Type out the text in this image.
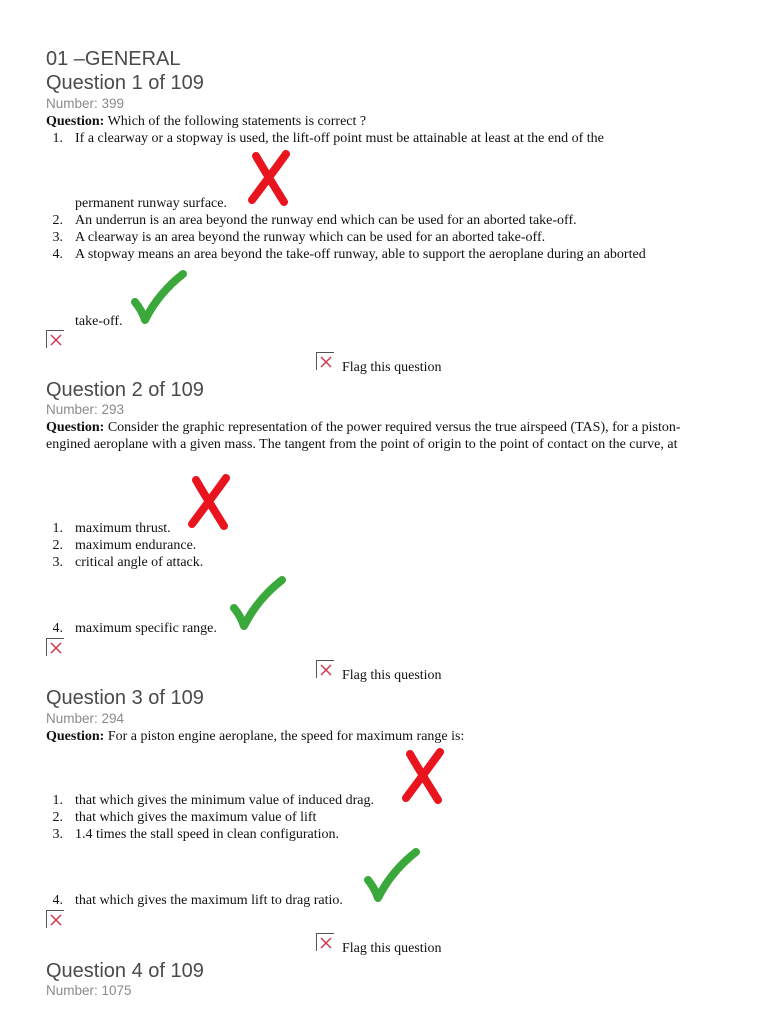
01 –GENERAL
Question 1 of 109
Number: 399
Question: Which of the following statements is correct ?
1. If a clearway or a stopway is used, the lift-off point must be attainable at least at the end of the
permanent runway surface.
2. An underrun is an area beyond the runway end which can be used for an aborted take-off.
3. A clearway is an area beyond the runway which can be used for an aborted take-off.
4. A stopway means an area beyond the take-off runway, able to support the aeroplane during an aborted
take-off.
Flag this question
Question 2 of 109
Number: 293
Question: Consider the graphic representation of the power required versus the true airspeed (TAS), for a piston-engined aeroplane with a given mass. The tangent from the point of origin to the point of contact on the curve, at
1. maximum thrust.
2. maximum endurance.
3. critical angle of attack.
4. maximum specific range.
Flag this question
Question 3 of 109
Number: 294
Question: For a piston engine aeroplane, the speed for maximum range is:
1. that which gives the minimum value of induced drag.
2. that which gives the maximum value of lift
3. 1.4 times the stall speed in clean configuration.
4. that which gives the maximum lift to drag ratio.
Flag this question
Question 4 of 109
Number: 1075
